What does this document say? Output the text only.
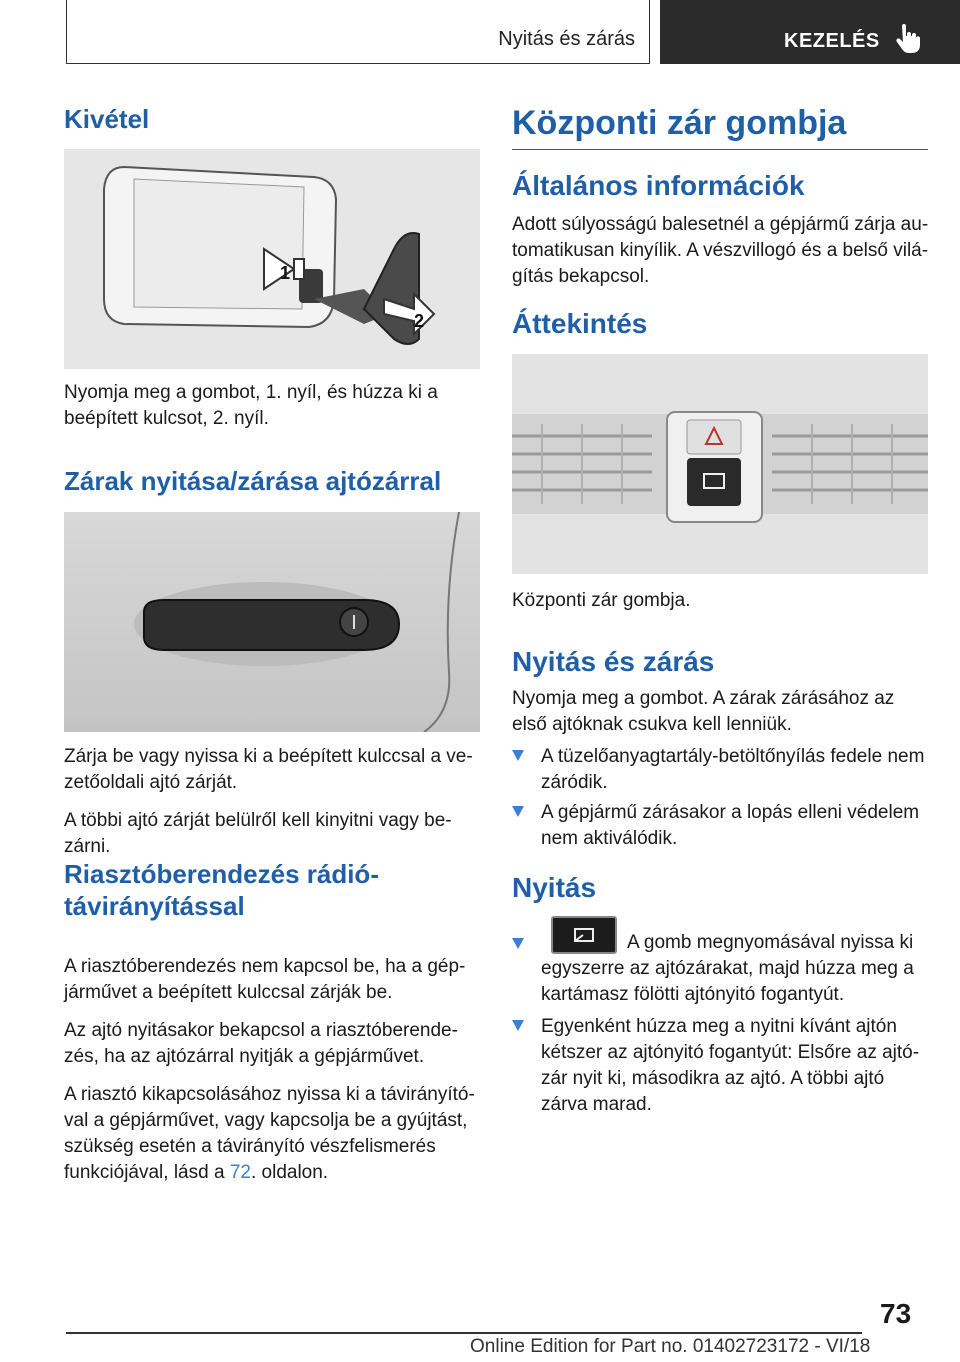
Nyitás és zárás	KEZELÉS
Kivétel
1
2

Nyomja meg a gombot, 1. nyíl, és húzza ki a beépített kulcsot, 2. nyíl.

Zárak nyitása/zárása ajtózárral

Zárja be vagy nyissa ki a beépített kulccsal a vezetőoldali ajtó zárját.

A többi ajtó zárját belülről kell kinyitni vagy bezárni.

Riasztóberendezés rádiótávirányítással

A riasztóberendezés nem kapcsol be, ha a gépjárművet a beépített kulccsal zárják be.

Az ajtó nyitásakor bekapcsol a riasztóberendezés, ha az ajtózárral nyitják a gépjárművet.

A riasztó kikapcsolásához nyissa ki a távirányítóval a gépjárművet, vagy kapcsolja be a gyújtást, szükség esetén a távirányító vészfelismerés funkciójával, lásd a 72. oldalon.

Központi zár gombja
Általános információk

Adott súlyosságú balesetnél a gépjármű zárja automatikusan kinyílik. A vészvillogó és a belső világítás bekapcsol.

Áttekintés

Központi zár gombja.

Nyitás és zárás

Nyomja meg a gombot. A zárak zárásához az első ajtóknak csukva kell lenniük.

A tüzelőanyagtartály-betöltőnyílás fedele nem záródik.

A gépjármű zárásakor a lopás elleni védelem nem aktiválódik.

Nyitás

A gomb megnyomásával nyissa ki egyszerre az ajtózárakat, majd húzza meg a kartámasz fölötti ajtónyitó fogantyút.

Egyenként húzza meg a nyitni kívánt ajtón kétszer az ajtónyitó fogantyút: Elsőre az ajtózár nyit ki, másodikra az ajtó. A többi ajtó zárva marad.

73
Online Edition for Part no. 01402723172 - VI/18
